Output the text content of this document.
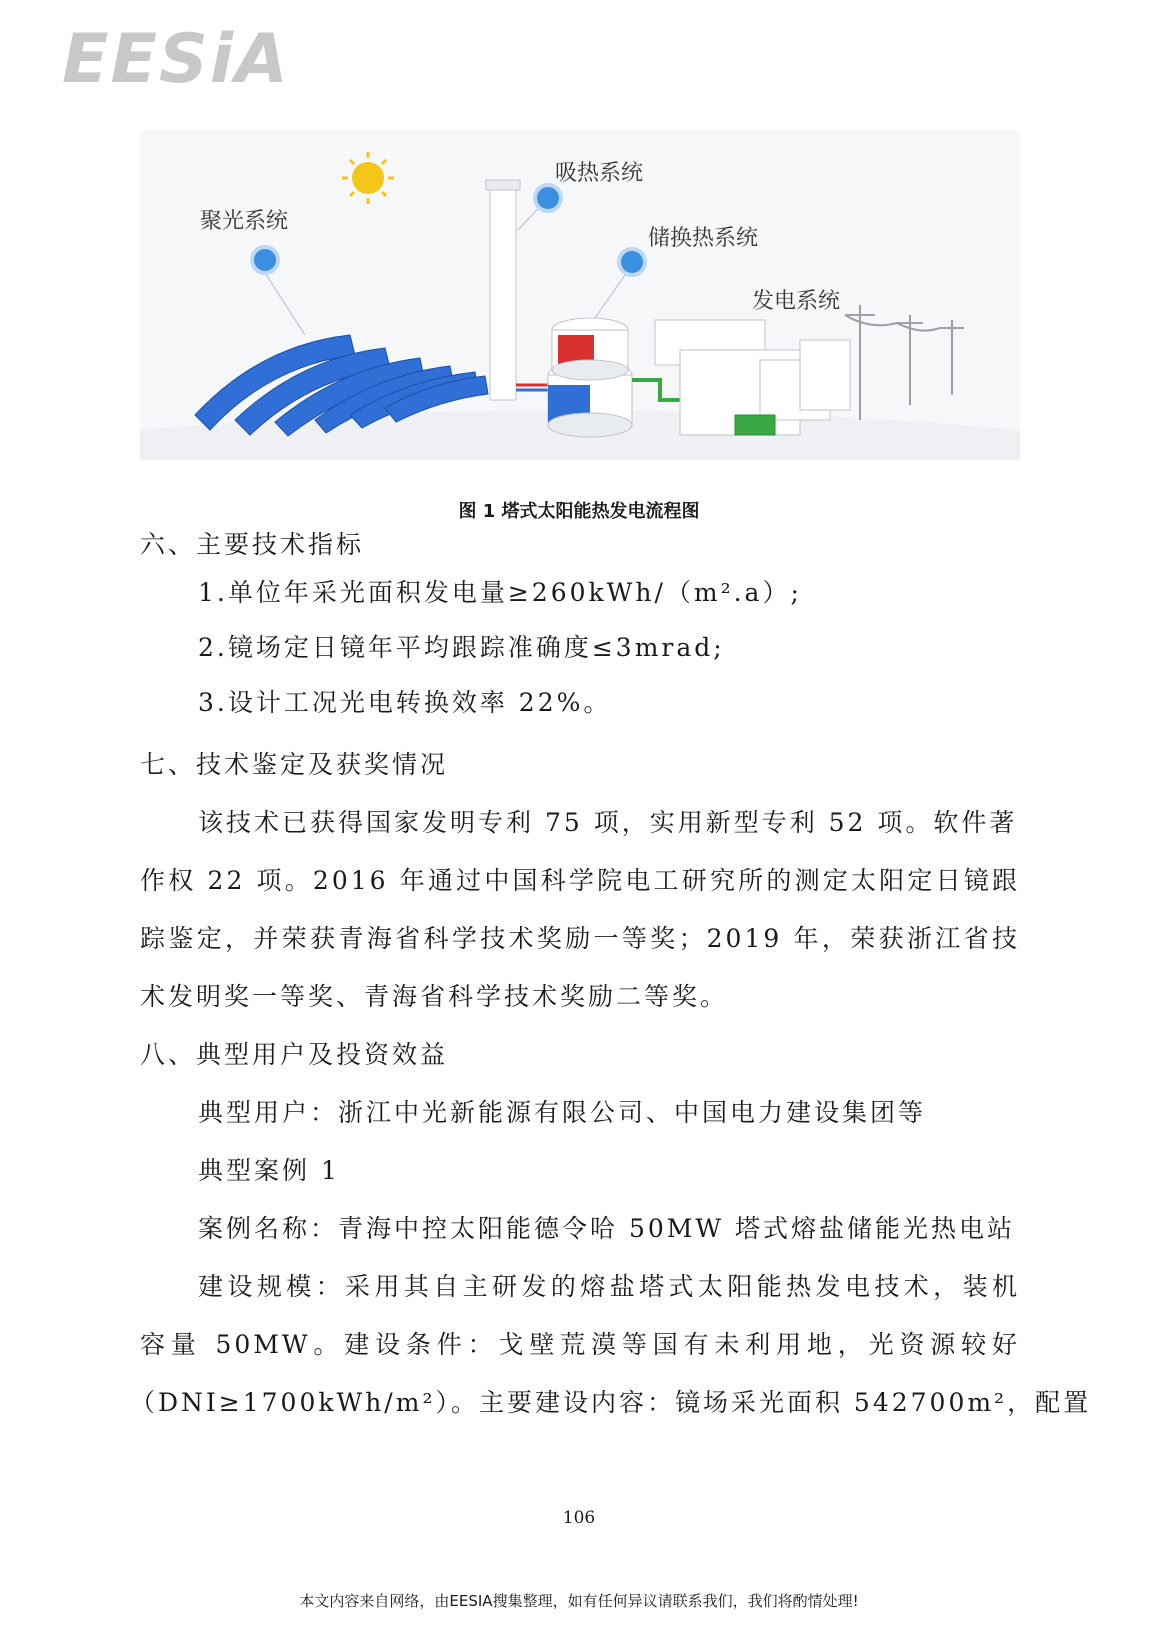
EESiA
聚光系统
吸热系统
储换热系统
发电系统
图 1 塔式太阳能热发电流程图
六、主要技术指标
1.单位年采光面积发电量≥260kWh/（m².a）;
2.镜场定日镜年平均跟踪准确度≤3mrad;
3.设计工况光电转换效率 22%。
七、技术鉴定及获奖情况
该技术已获得国家发明专利 75 项，实用新型专利 52 项。软件著
作权 22 项。2016 年通过中国科学院电工研究所的测定太阳定日镜跟
踪鉴定，并荣获青海省科学技术奖励一等奖；2019 年，荣获浙江省技
术发明奖一等奖、青海省科学技术奖励二等奖。
八、典型用户及投资效益
典型用户：浙江中光新能源有限公司、中国电力建设集团等
典型案例 1
案例名称：青海中控太阳能德令哈 50MW 塔式熔盐储能光热电站
建设规模：采用其自主研发的熔盐塔式太阳能热发电技术，装机
容量 50MW。建设条件：戈壁荒漠等国有未利用地，光资源较好
（DNI≥1700kWh/m²）。主要建设内容：镜场采光面积 542700m²，配置
106
本文内容来自网络，由EESIA搜集整理，如有任何异议请联系我们，我们将酌情处理!
